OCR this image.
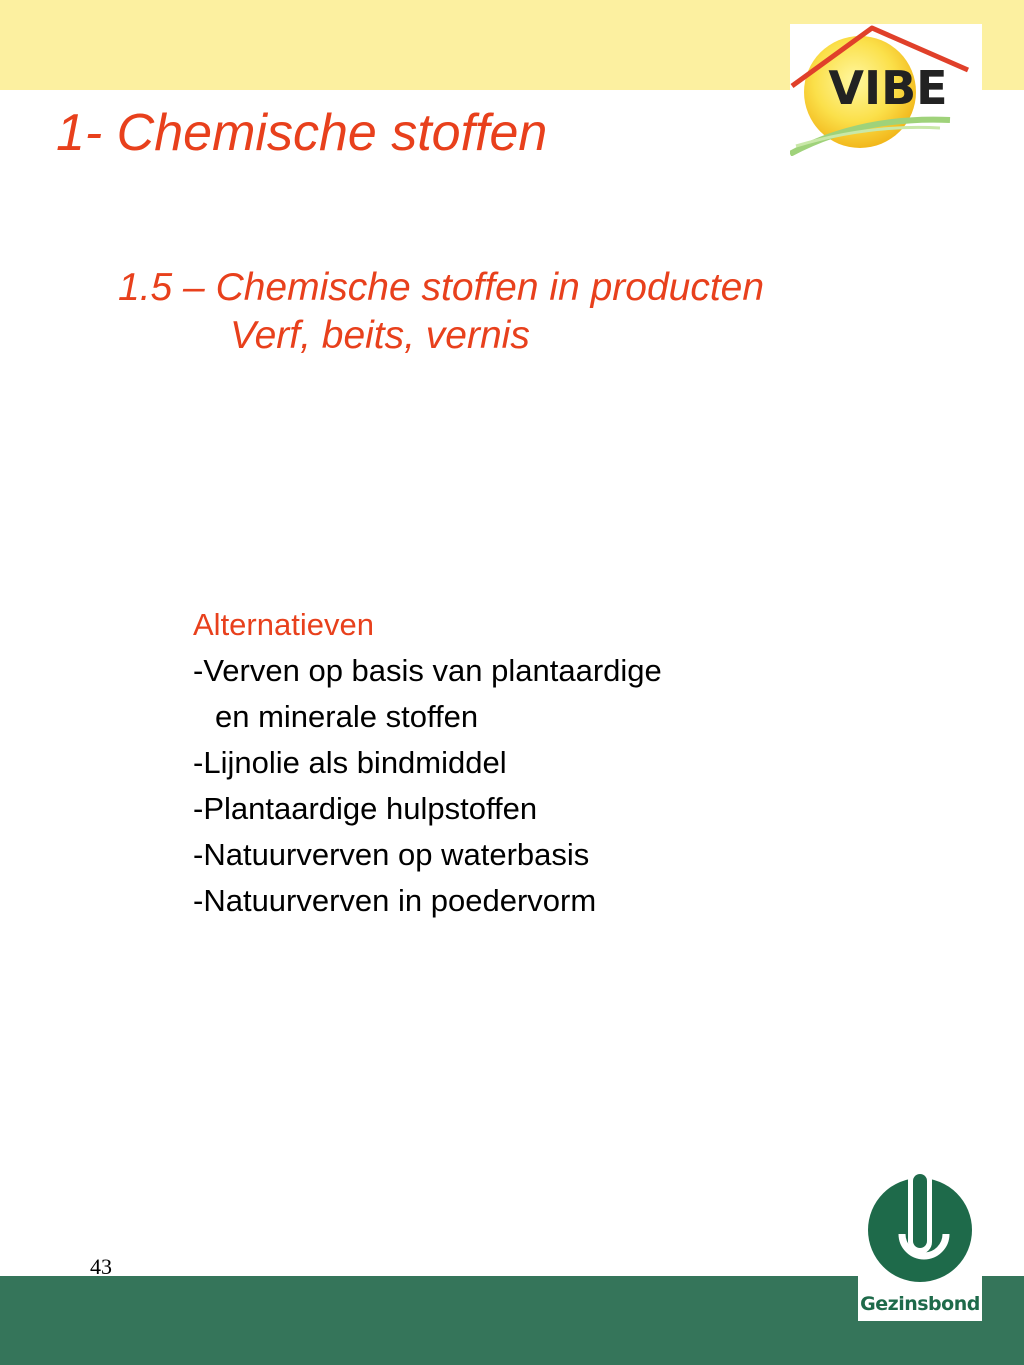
VIBE
1- Chemische stoffen
1.5 – Chemische stoffen in producten
Verf, beits, vernis
Alternatieven
-Verven op basis van plantaardige
en minerale stoffen
-Lijnolie als bindmiddel
-Plantaardige hulpstoffen
-Natuurverven op waterbasis
-Natuurverven in poedervorm
43
Gezinsbond
